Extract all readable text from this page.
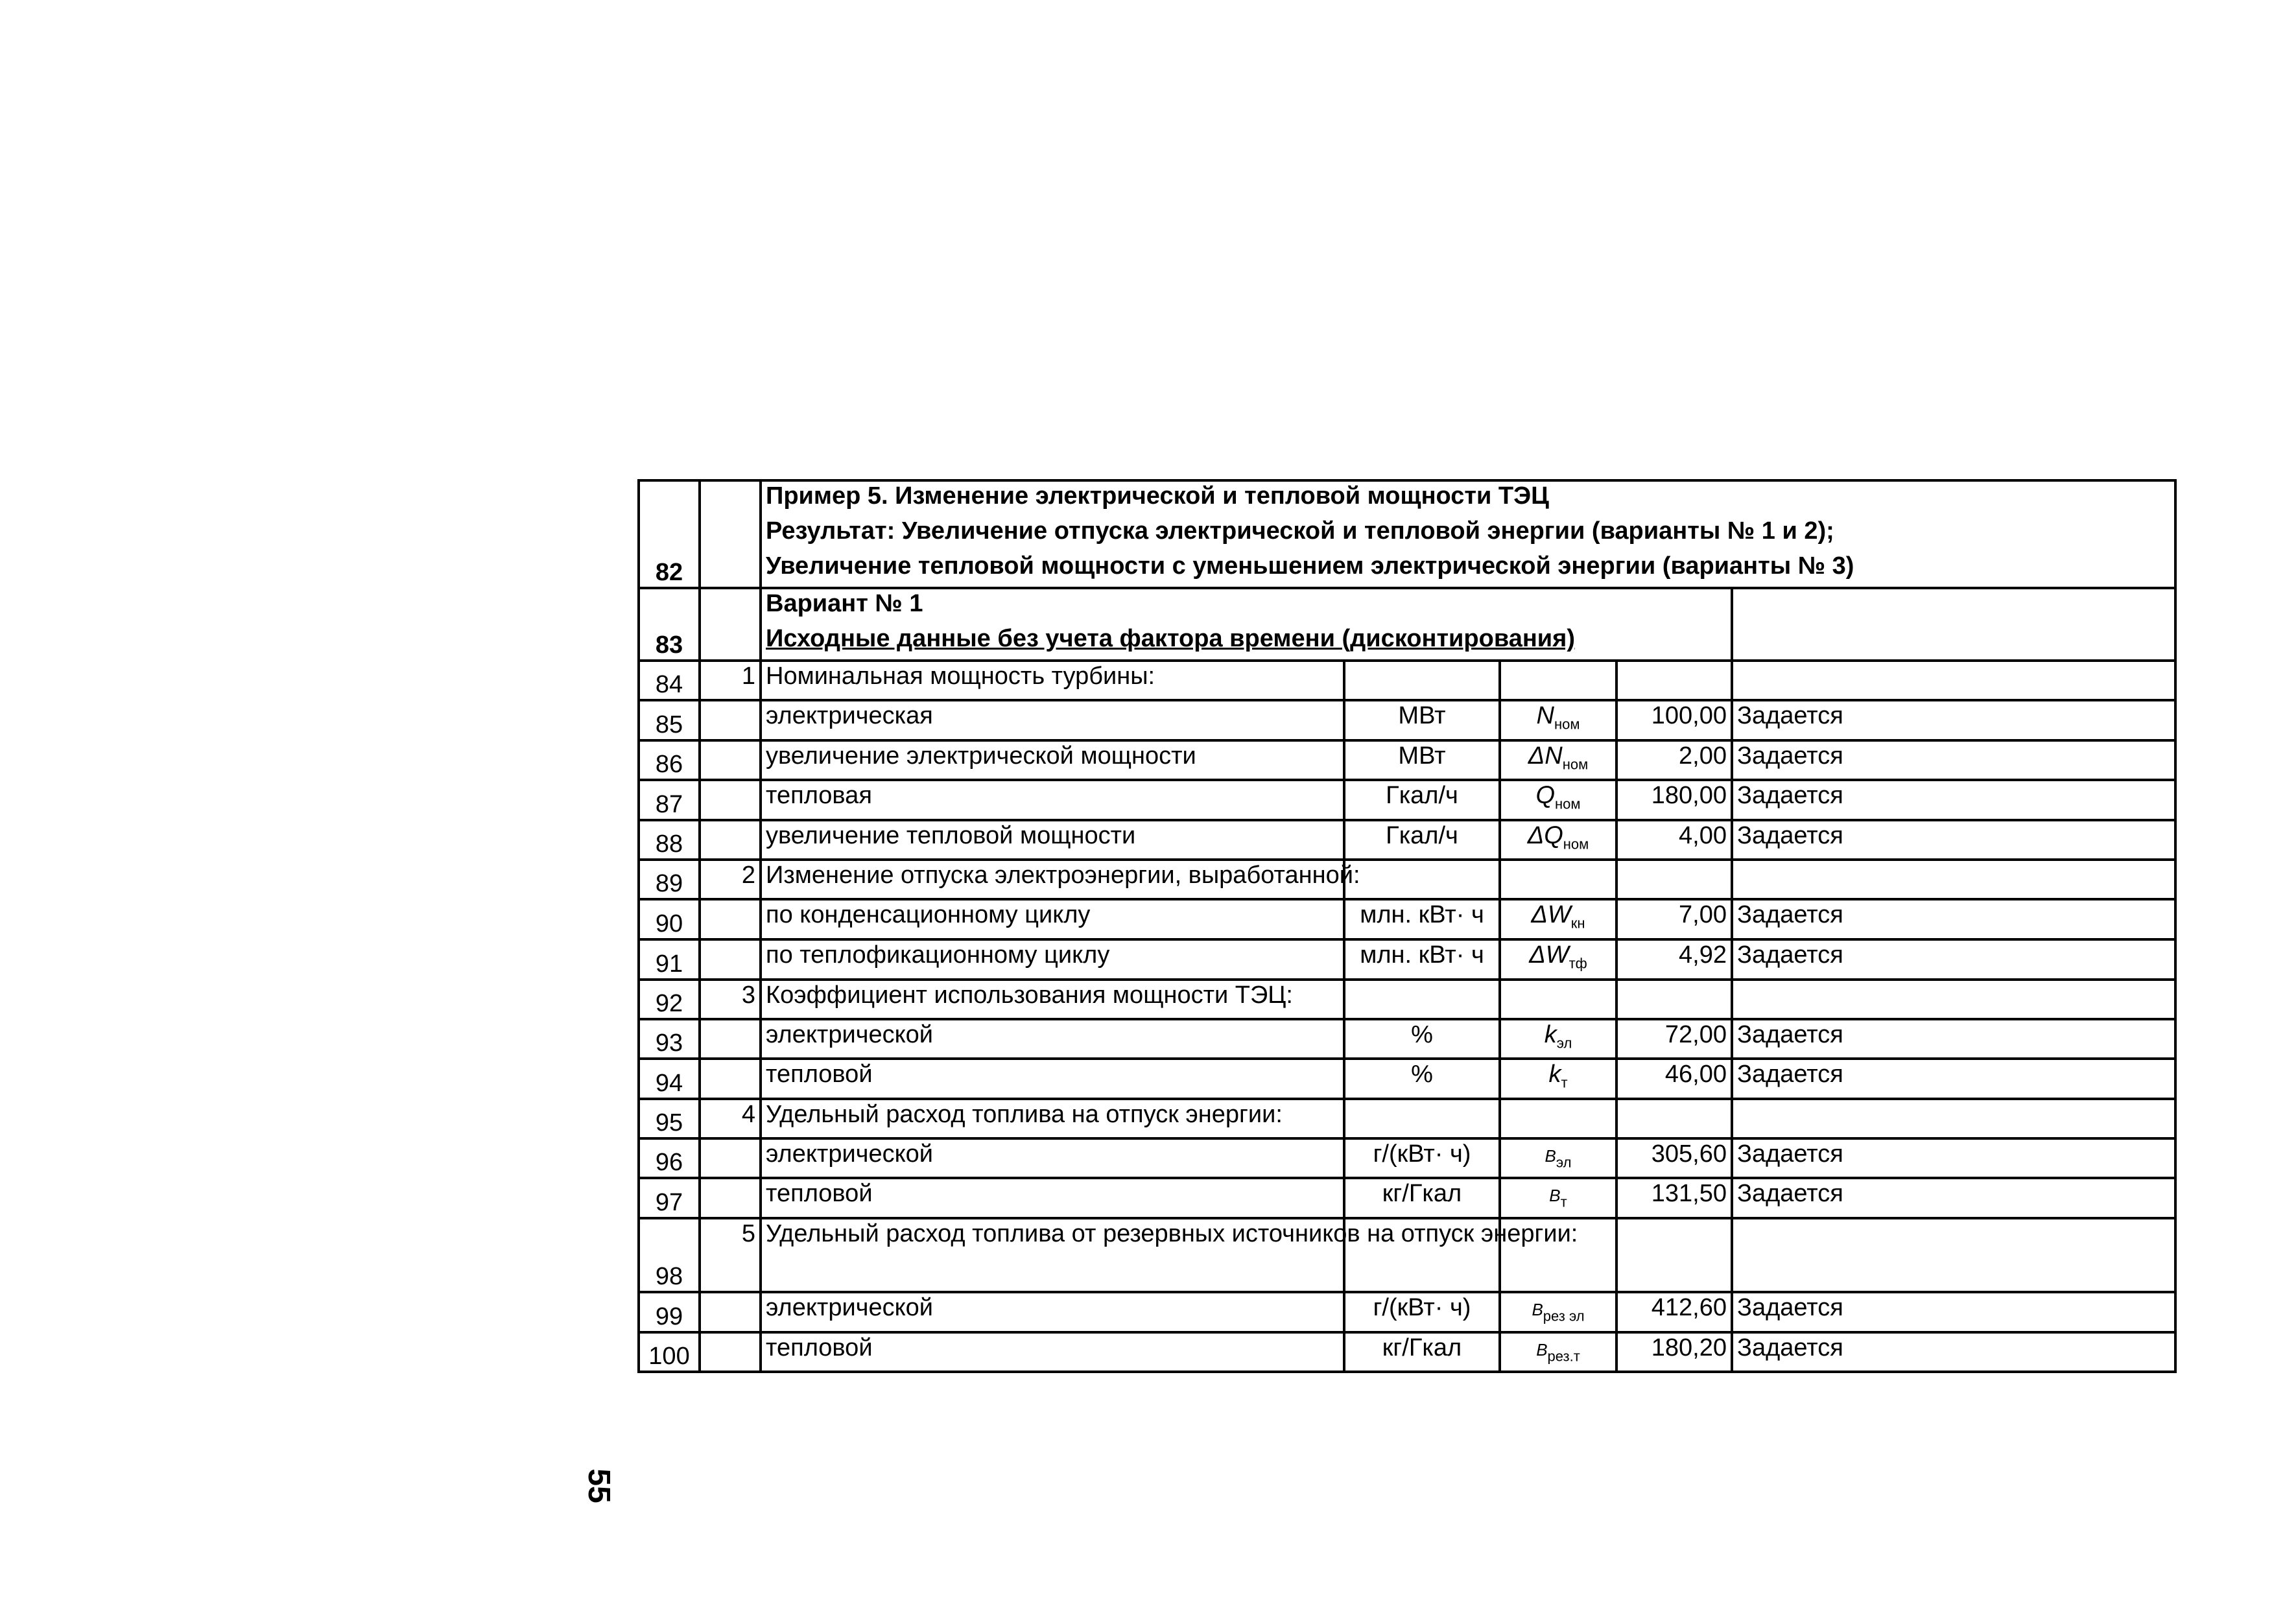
82		Пример 5. Изменение электрической и тепловой мощности ТЭЦ
Результат: Увеличение отпуска электрической и тепловой энергии (варианты № 1 и 2);
Увеличение тепловой мощности с уменьшением электрической энергии (варианты № 3)				

83		Вариант № 1
Исходные данные без учета фактора времени (дисконтирования)				

84	1	Номинальная мощность турбины:				
85		электрическая	МВт	$N_{ном}$	100,00	Задается
86		увеличение электрической мощности	МВт	$\Delta N_{ном}$	2,00	Задается
87		тепловая	Гкал/ч	$Q_{ном}$	180,00	Задается
88		увеличение тепловой мощности	Гкал/ч	$\Delta Q_{ном}$	4,00	Задается
89	2	Изменение отпуска электроэнергии, выработанной:				
90		по конденсационному циклу	млн. кВт· ч	$\Delta W_{кн}$	7,00	Задается
91		по теплофикационному циклу	млн. кВт· ч	$\Delta W_{тф}$	4,92	Задается
92	3	Коэффициент использования мощности ТЭЦ:				
93		электрической	%	$k_{эл}$	72,00	Задается
94		тепловой	%	$k_т$	46,00	Задается
95	4	Удельный расход топлива на отпуск энергии:				
96		электрической	г/(кВт· ч)	$B_{эл}$	305,60	Задается
97		тепловой	кг/Гкал	$B_т$	131,50	Задается
98	5	Удельный расход топлива от резервных источников на отпуск энергии:				
99		электрической	г/(кВт· ч)	$B_{рез эл}$	412,60	Задается
100		тепловой	кг/Гкал	$B_{рез.т}$	180,20	Задается
55
